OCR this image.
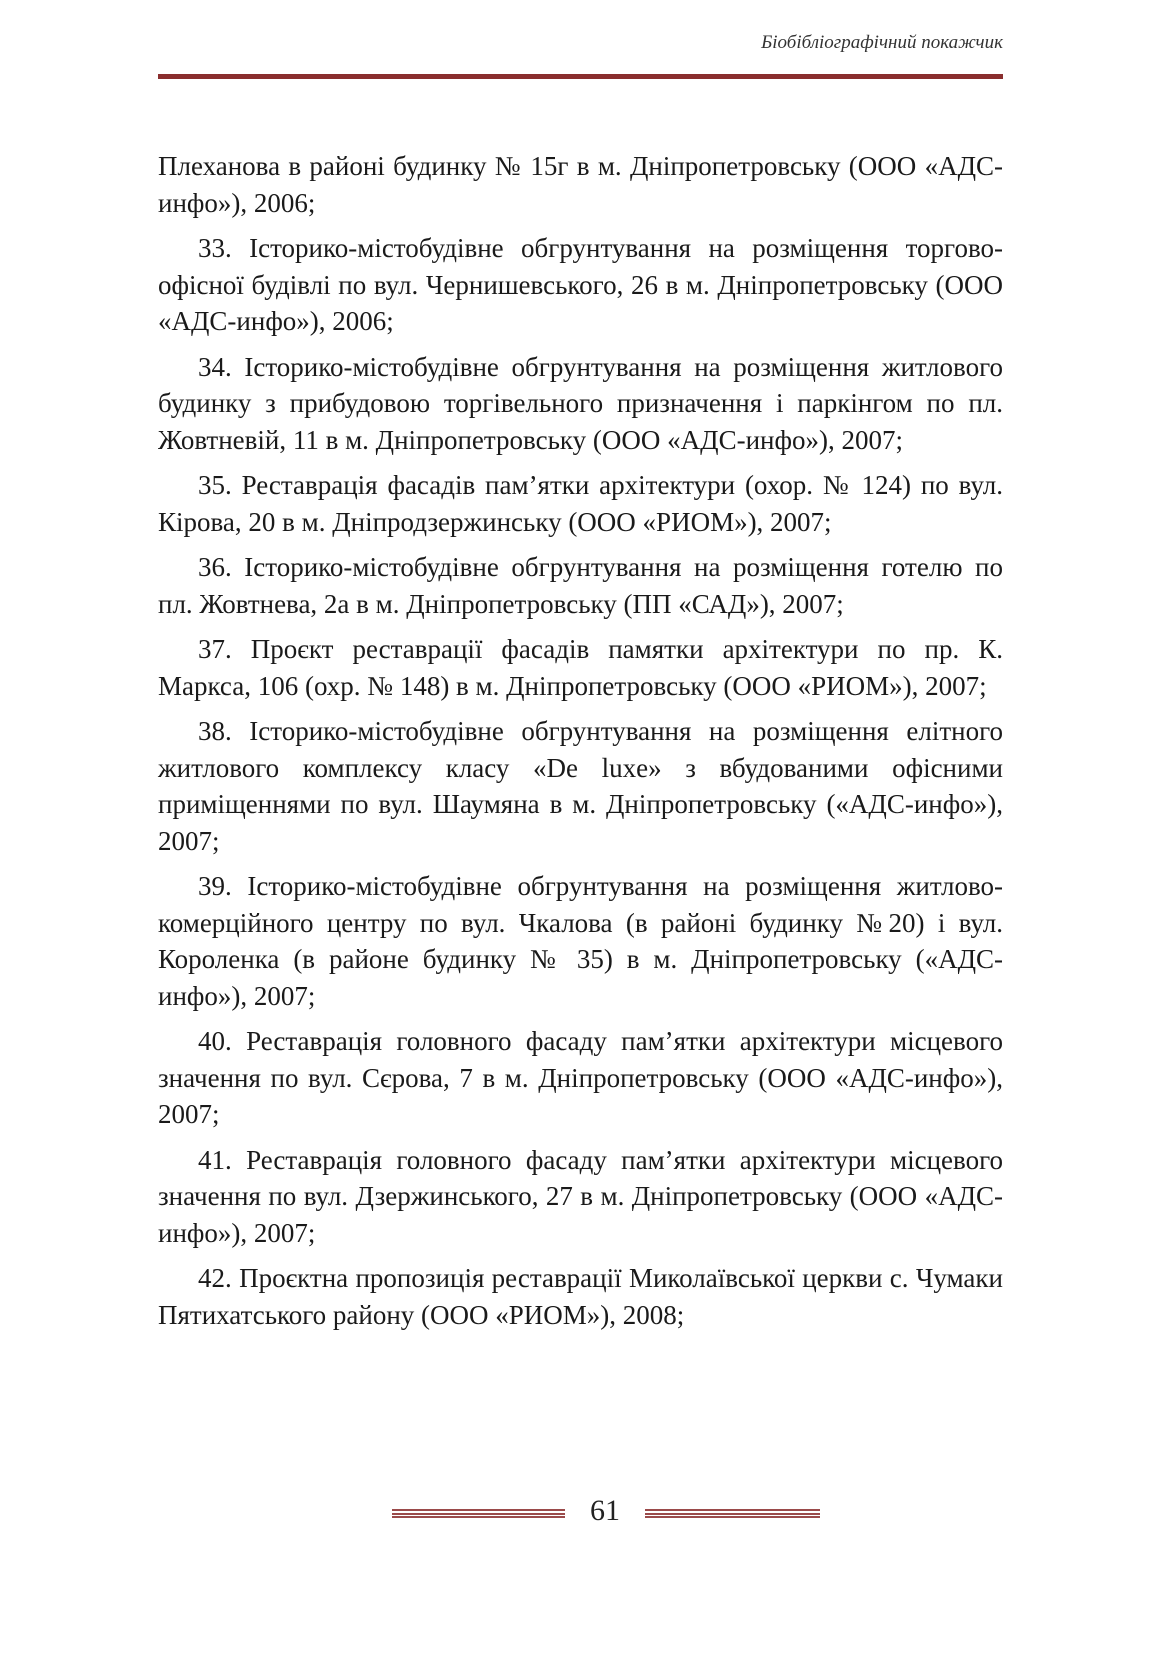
Біобібліографічний покажчик

Плеханова в районі будинку № 15г в м. Дніпропетровську (ООО «АДС-инфо»), 2006;

33. Історико-містобудівне обгрунтування на розміщення торгово-офісної будівлі по вул. Чернишевського, 26 в м. Дніпропетровську (ООО «АДС-инфо»), 2006;

34. Історико-містобудівне обгрунтування на розміщення житлового будинку з прибудовою торгівельного призначення і паркінгом по пл. Жовтневій, 11 в м. Дніпропетровську (ООО «АДС-инфо»), 2007;

35. Реставрація фасадів пам’ятки архітектури (охор. № 124) по вул. Кірова, 20 в м. Дніпродзержинську (ООО «РИОМ»), 2007;

36. Історико-містобудівне обгрунтування на розміщення готелю по пл. Жовтнева, 2а в м. Дніпропетровську (ПП «САД»), 2007;

37. Проєкт реставрації фасадів памятки архітектури по пр. К. Маркса, 106 (охр. № 148) в м. Дніпропетровську (ООО «РИОМ»), 2007;

38. Історико-містобудівне обгрунтування на розміщення елітного житлового комплексу класу «De luxe» з вбудованими офісними приміщеннями по вул. Шаумяна в м. Дніпропетровську («АДС-инфо»), 2007;

39. Історико-містобудівне обгрунтування на розміщення житлово-комерційного центру по вул. Чкалова (в районі будинку №20) і вул. Короленка (в районе будинку № 35) в м. Дніпропетровську («АДС-инфо»), 2007;

40. Реставрація головного фасаду пам’ятки архітектури місцевого значення по вул. Сєрова, 7 в м. Дніпропетровську (ООО «АДС-инфо»), 2007;

41. Реставрація головного фасаду пам’ятки архітектури місцевого значення по вул. Дзержинського, 27 в м. Дніпропетровську (ООО «АДС-инфо»), 2007;

42. Проєктна пропозиція реставрації Миколаївської церкви с. Чумаки Пятихатського району (ООО «РИОМ»), 2008;

61
